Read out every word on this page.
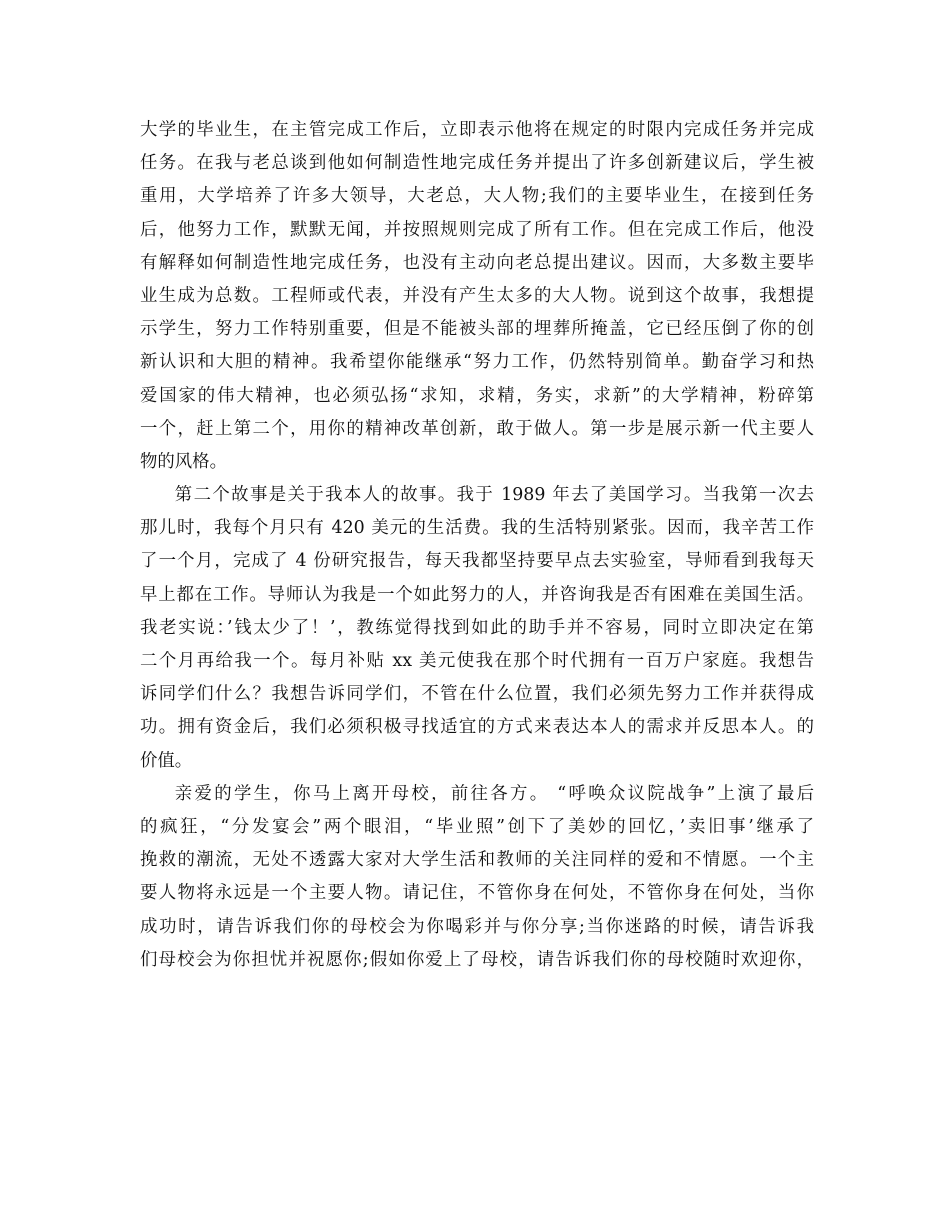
大学的毕业生，在主管完成工作后，立即表示他将在规定的时限内完成任务并完成
任务。在我与老总谈到他如何制造性地完成任务并提出了许多创新建议后，学生被
重用，大学培养了许多大领导，大老总，大人物;我们的主要毕业生，在接到任务
后，他努力工作，默默无闻，并按照规则完成了所有工作。但在完成工作后，他没
有解释如何制造性地完成任务，也没有主动向老总提出建议。因而，大多数主要毕
业生成为总数。工程师或代表，并没有产生太多的大人物。说到这个故事，我想提
示学生，努力工作特别重要，但是不能被头部的埋葬所掩盖，它已经压倒了你的创
新认识和大胆的精神。我希望你能继承“努力工作，仍然特别简单。勤奋学习和热
爱国家的伟大精神，也必须弘扬“求知，求精，务实，求新”的大学精神，粉碎第
一个，赶上第二个，用你的精神改革创新，敢于做人。第一步是展示新一代主要人
物的风格。
第二个故事是关于我本人的故事。我于 1989 年去了美国学习。当我第一次去
那儿时，我每个月只有 420 美元的生活费。我的生活特别紧张。因而，我辛苦工作
了一个月，完成了 4 份研究报告，每天我都坚持要早点去实验室，导师看到我每天
早上都在工作。导师认为我是一个如此努力的人，并咨询我是否有困难在美国生活。
我老实说：’钱太少了！’，教练觉得找到如此的助手并不容易，同时立即决定在第
二个月再给我一个。每月补贴 xx 美元使我在那个时代拥有一百万户家庭。我想告
诉同学们什么？我想告诉同学们，不管在什么位置，我们必须先努力工作并获得成
功。拥有资金后，我们必须积极寻找适宜的方式来表达本人的需求并反思本人。的
价值。
亲爱的学生，你马上离开母校，前往各方。 “呼唤众议院战争”上演了最后
的疯狂，“分发宴会”两个眼泪，“毕业照”创下了美妙的回忆，’卖旧事’继承了
挽救的潮流，无处不透露大家对大学生活和教师的关注同样的爱和不情愿。一个主
要人物将永远是一个主要人物。请记住，不管你身在何处，不管你身在何处，当你
成功时，请告诉我们你的母校会为你喝彩并与你分享;当你迷路的时候，请告诉我
们母校会为你担忧并祝愿你;假如你爱上了母校，请告诉我们你的母校随时欢迎你，
